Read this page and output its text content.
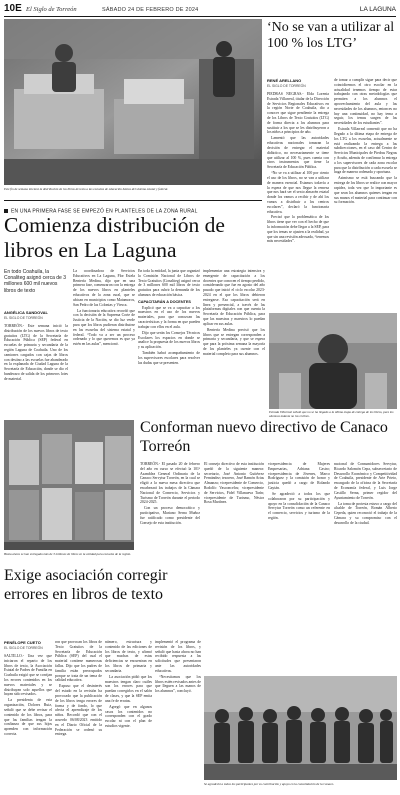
10E El Siglo de Torreón	SÁBADO 24 DE FEBRERO DE 2024	LA LAGUNA
Este fin de semana iniciará la distribución de los libros de texto a las escuelas de educación básica del sistema estatal y federal.
‘No se van a utilizar al 100 % los LTG’
RENÉ ARELLANO
EL SIGLO DE TORREÓN

PIEDRAS NEGRAS.- Elda Lorenia Estrada Villarreal, titular de la Dirección de Servicios Regionales Educativos en la región Norte de Coahuila, dio a conocer que sigue pendiente la entrega de los Libros de Texto Gratuitos (LTG) de forma directa a los alumnos para sustituir a los que se les distribuyeron a los niños a principios de año.

Lamentó que las autoridades educativas nacionales tomaran la decisión de entregar el material didáctico, no necesariamente se tiene que utilizar al 100 %, pues cuenta con otros instrumentos que tiene la Secretaría de Educación Pública.

“No se va a utilizar al 100 por ciento el uso de los libros, no se van a utilizar de manera esencial. Estamos todavía a la espera de que nos llegue la remesa que nos hará ser el sexto almacén estatal donde los vamos a recibir y de ahí los vamos a distribuir a los centros escolares”, declaró la funcionaria educativa.

Precisó que la problemática de los libros tiene que ver con el hecho de que la información debe llegar a la SEP, para que los temas se ajusten a la realidad, ya que sin una revisión adecuada, “tenemos más necesidades”.

de tomar a cumplir sigue para decir que coincidiremos el otro escolar en la actualidad tenemos tiempo de estar trabajando con otras metodologías que permiten a los alumnos el aprovechamiento del aula y las necesidades de los alumnos, entonces no hay una continuidad, no hay tema a seguir, los temas surgen de las necesidades de los estudiantes”.

Estrada Villarreal comentó que no ha llegado a la última etapa de entrega de los LTG a los escuelas, actualmente se está realizando la entrega a las subdirecciones, en el caso del Centro de Servicios Municipales de Piedras Negras y Acuña, además de confirmar la entrega a los supervisores de cada zona escolar para que la distribución a cada escuela se haga de manera ordenada y oportuna.

Asimismo se está buscando que la entrega de los libros se realice con mayor rapidez, toda vez que lo importante es que sean los alumnos quienes tengan en sus manos el material para continuar con su formación.

EN UNA PRIMERA FASE SE EMPEZÓ EN PLANTELES DE LA ZONA RURAL
Comienza distribución de libros en La Laguna
En todo Coahuila, la Conaliteg asignó cerca de 3 millones 600 mil nuevos libros de texto
ANGÉLICA SANDOVAL
EL SIGLO DE TORREÓN

TORREÓN.- Este semana inició la distribución de los nuevos libros de texto gratuitos (LTG) de la Secretaría de Educación Pública (SEP) federal en escuelas de primaria y secundaria de la región Laguna de Coahuila. Uno de los camiones cargados con cajas de libros con destino a las escuelas fue abanderado en la explanada de Ciudad Laguna de la Secretaría de Educación, donde se dio el banderazo de salida de los primeros lotes de material.

La coordinadora de Servicios Educativos en La Laguna, Flor Estela Rentería Medina, dijo que en una primera fase, comenzaron con la entrega de los nuevos libros en planteles educativos de la zona rural, que se ubican en municipios como Matamoros, San Pedro de las Colonias y Viesca.

La funcionaria educativa recordó que con la decisión de la Suprema Corte de Justicia de la Nación, se dio luz verde para que los libros pudieran distribuirse en las escuelas del sistema estatal y federal. “Todo va a ser un proceso ordenado y lo que queremos es que ya estén en las aulas”, mencionó.

En toda la entidad, la junta que organizó la Comisión Nacional de Libros de Texto Gratuitos (Conaliteg) asignó cerca de 3 millones 600 mil libros de texto gratuitos para cubrir la demanda de los alumnos de educación básica.

CAPACITARÁN A DOCENTES

Explicó que se va a capacitar a los maestros en el uso de los nuevos materiales, para que conozcan las características y la forma en que pueden trabajar con ellos en el aula.

Dijo que serán los Consejos Técnicos Escolares los espacios en donde se analice la propuesta de los nuevos libros y su aplicación.

También habrá acompañamiento de los supervisores escolares para resolver las dudas que se presenten.

implementar una estrategia intensiva y emergente de capacitación a los docentes que conocen el tiempo perdido, considerando que fue en agosto del año pasado que inició el ciclo escolar 2023-2024 en el que los libros debieron entregarse. Esa capacitación será en línea y presencial, a través de las plataformas digitales con que cuenta la Secretaría de Educación Pública, para que las maestras y maestros lo puedan aplicar en sus aulas.

Rentería Medina precisó que los libros que se entregan corresponden a primaria y secundaria, y que se espera que para la próxima semana la mayoría de los planteles ya cuente con el material completo para sus alumnos.

Estrada Villarreal señaló que no se ha llegado a la última etapa de entrega de los libros, pues los alumnos todavía no los reciben.
Hasta ahora se han entregado más de 3 millones de libros en la entidad para escuelas de la región.
Conforman nuevo directivo de Canaco Torreón

TORREÓN.- El pasado 20 de febrero del año en curso se efectuó la 101ª Asamblea General Ordinaria de la Canaco Servytur Torreón, en la cual se eligió a la nueva mesa directiva que encabezará los trabajos de la Cámara Nacional de Comercio, Servicios y Turismo de Torreón durante el periodo 2024-2025.

Con un proceso democrático y participativo, Mariano Serna Muñoz fue ratificado como presidente del Consejo de esta institución.

El consejo directivo de esta institución quedó de la siguiente manera: secretario, José Antonio Gutiérrez Fernández; tesorero, José Ramón Arias Almanza; vicepresidente de Comercio, Rodolfo Vasconcelos; vicepresidente de Servicios, Fidel Villanueva Tarín; vicepresidente de Turismo, Néstor Rosa Martínez.

vicepresidencia de Mujeres Empresarias, Adriana Castro; vicepresidencia de Jóvenes, Marco Rodríguez y la comisión de honor y justicia quedó a cargo de Rolando Gaytán.

Se agradeció a todos los que colaboraron por su participación y apoyo en la consolidación de la Canaco Servytur Torreón como un referente en el comercio, servicios y turismo de la región.

nacional de Consumidores Servytur, Ricardo Salomón Cepa, subsecretario de Desarrollo Económico y Competitividad de Coahuila, presidente de Arte Prieto, encargado de la oficina de la Secretaría de Economía federal, y Luis Jorge Castillo Serna, primer regidor del Ayuntamiento de Torreón.

La toma de protesta estuvo a cargo del alcalde de Torreón, Román Alberto Cepeda, quien reconoció el trabajo de la Cámara y su compromiso con el desarrollo de la ciudad.

Se agradeció a todos los participantes por su contribución y apoyo en la consolidación de la Canaco.
Exige asociación corregir errores en libros de texto
PENÉLOPE CUETO
EL SIGLO DE TORREÓN

SALTILLO.- Una vez que iniciaron el reparto de los libros de texto, la Asociación Estatal de Padres de Familia en Coahuila exigió que se corrijan los errores contenidos en los nuevos materiales y se distribuyan solo aquellos que hayan sido revisados.

La presidenta de esta organización, Dolores Ruiz, señaló que se debe revisar el contenido de los libros, para que las familias tengan la confianza de que sus hijos aprenden con información correcta.

ron que provocan los libros de Texto Gratuitos de la Secretaría de Educación Pública (SEP) del cual el material contiene numerosas fallas. Dijo que los padres de familia están preocupados porque se trata de un tema de calidad educativa.

Expuso que el desinterés del estado en la revisión ha provocado que la publicación de los libros tenga errores de forma y de fondo, lo que afecta el aprendizaje de los niños. Recordó que con el acuerdo 06/08/2023 emitido en el Diario Oficial de la Federación se ordenó su entrega.

número, estructura y contenido de las ediciones de los libros de texto, y afirmó que muchas de estas deficiencias se encuentran en los libros de primaria y secundaria.

La asociación pidió que los maestros tengan claro cuáles son los errores para que puedan corregirlos en el salón de clases, y que la SEP emita una fe de erratas.

Agregó que en algunos casos los contenidos no corresponden con el grado escolar ni con el plan de estudios vigente.

implementó el programa de revisión de los libros, y señaló que hasta ahora no han recibido respuesta a las solicitudes que presentaron ante las autoridades educativas.

“Necesitamos que los libros estén revisados antes de que lleguen a las manos de los alumnos”, concluyó.
